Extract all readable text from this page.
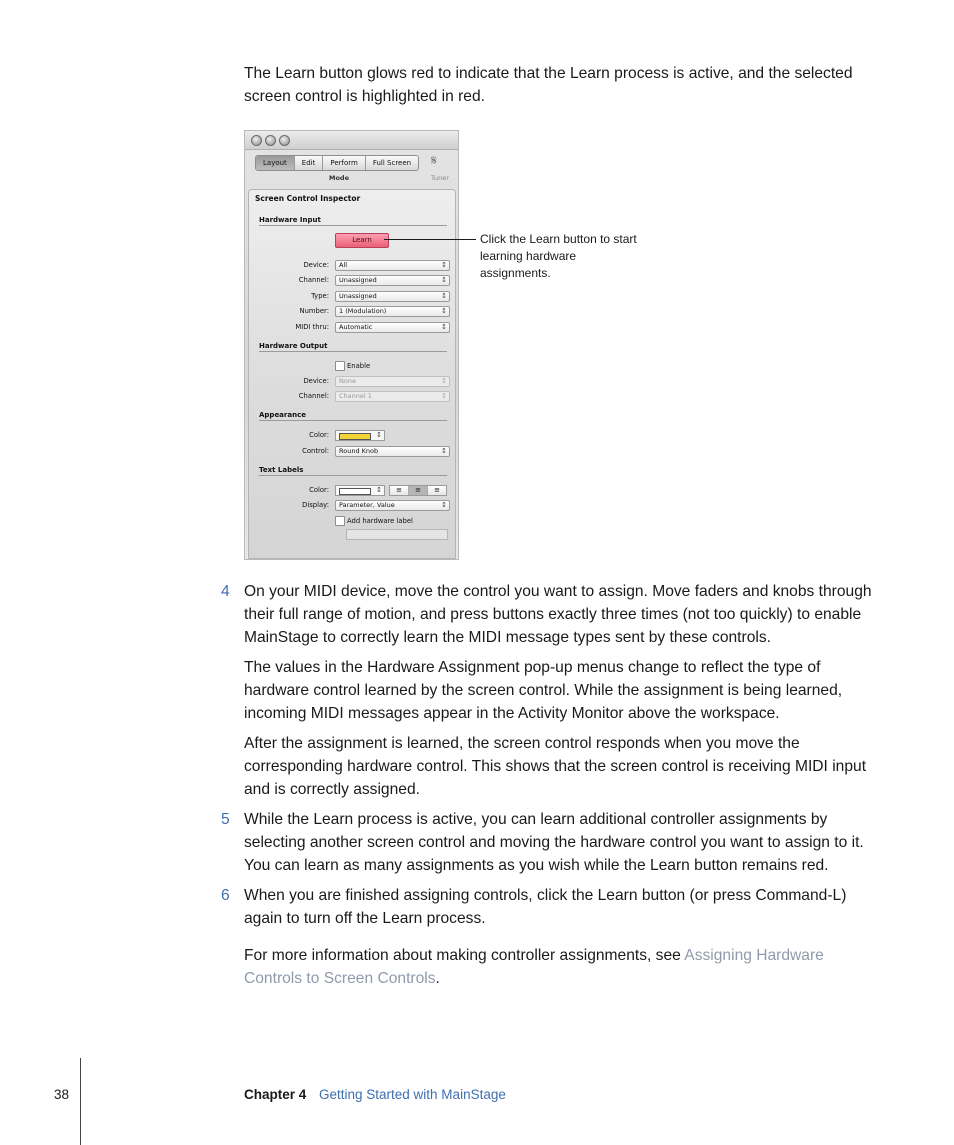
The Learn button glows red to indicate that the Learn process is active, and the selected screen control is highlighted in red.

Layout	Edit	Perform	Full Screen	𝄋
Mode	Tuner
Screen Control Inspector
Hardware Input
Learn
Device:	All ↕
Channel:	Unassigned ↕
Type:	Unassigned ↕
Number:	1 (Modulation) ↕
MIDI thru:	Automatic ↕
Hardware Output
Enable
Device:	None ↕
Channel:	Channel 1 ↕
Appearance
Color:
↕
Control:	Round Knob ↕
Text Labels
Color:
↕	≡	≡	≡
Display:	Parameter, Value ↕
Add hardware label
Click the Learn button to start learning hardware assignments.
4 On your MIDI device, move the control you want to assign. Move faders and knobs through their full range of motion, and press buttons exactly three times (not too quickly) to enable MainStage to correctly learn the MIDI message types sent by these controls.

The values in the Hardware Assignment pop-up menus change to reflect the type of hardware control learned by the screen control. While the assignment is being learned, incoming MIDI messages appear in the Activity Monitor above the workspace.

After the assignment is learned, the screen control responds when you move the corresponding hardware control. This shows that the screen control is receiving MIDI input and is correctly assigned.

5 While the Learn process is active, you can learn additional controller assignments by selecting another screen control and moving the hardware control you want to assign to it. You can learn as many assignments as you wish while the Learn button remains red.

6 When you are finished assigning controls, click the Learn button (or press Command-L) again to turn off the Learn process.

For more information about making controller assignments, see Assigning Hardware Controls to Screen Controls.

38	Chapter 4 Getting Started with MainStage
